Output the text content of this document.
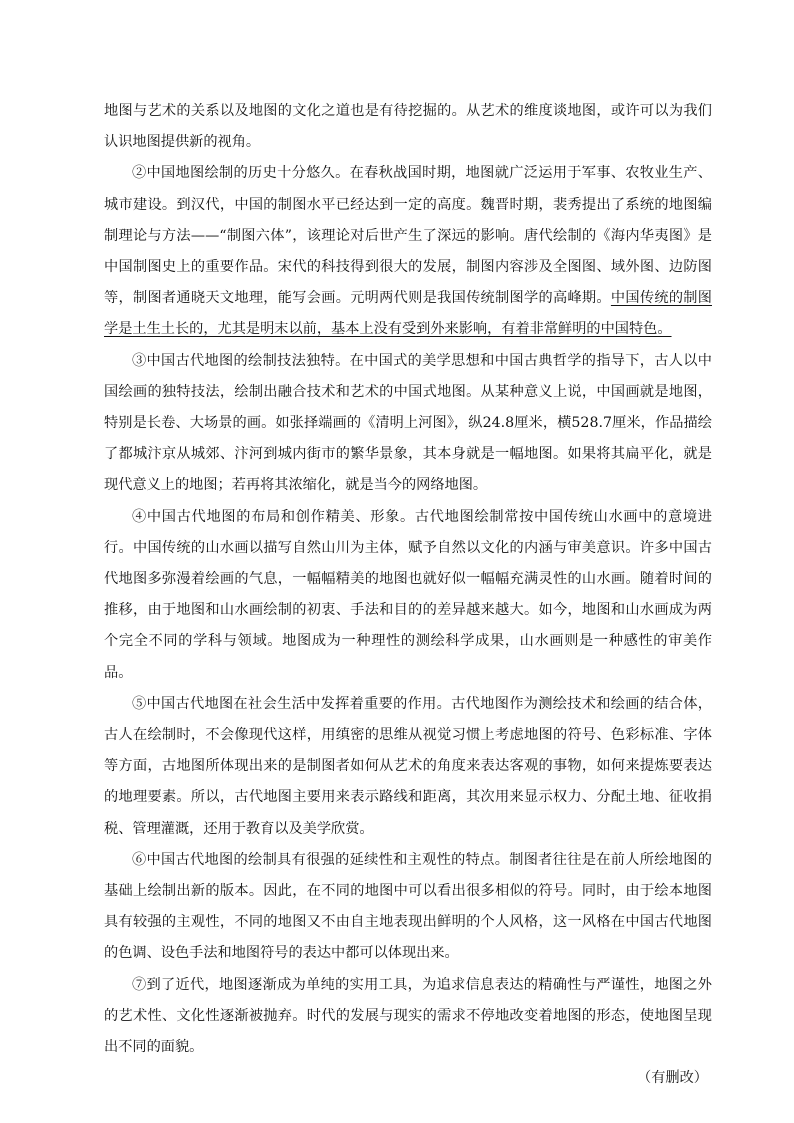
地图与艺术的关系以及地图的文化之道也是有待挖掘的。从艺术的维度谈地图，或许可以为我们认识地图提供新的视角。

②中国地图绘制的历史十分悠久。在春秋战国时期，地图就广泛运用于军事、农牧业生产、城市建设。到汉代，中国的制图水平已经达到一定的高度。魏晋时期，裴秀提出了系统的地图编制理论与方法——“制图六体”，该理论对后世产生了深远的影响。唐代绘制的《海内华夷图》是中国制图史上的重要作品。宋代的科技得到很大的发展，制图内容涉及全图图、域外图、边防图等，制图者通晓天文地理，能写会画。元明两代则是我国传统制图学的高峰期。中国传统的制图学是土生土长的，尤其是明末以前，基本上没有受到外来影响，有着非常鲜明的中国特色。

③中国古代地图的绘制技法独特。在中国式的美学思想和中国古典哲学的指导下，古人以中国绘画的独特技法，绘制出融合技术和艺术的中国式地图。从某种意义上说，中国画就是地图，特别是长卷、大场景的画。如张择端画的《清明上河图》，纵24.8厘米，横528.7厘米，作品描绘了都城汴京从城郊、汴河到城内街市的繁华景象，其本身就是一幅地图。如果将其扁平化，就是现代意义上的地图；若再将其浓缩化，就是当今的网络地图。

④中国古代地图的布局和创作精美、形象。古代地图绘制常按中国传统山水画中的意境进行。中国传统的山水画以描写自然山川为主体，赋予自然以文化的内涵与审美意识。许多中国古代地图多弥漫着绘画的气息，一幅幅精美的地图也就好似一幅幅充满灵性的山水画。随着时间的推移，由于地图和山水画绘制的初衷、手法和目的的差异越来越大。如今，地图和山水画成为两个完全不同的学科与领域。地图成为一种理性的测绘科学成果，山水画则是一种感性的审美作品。

⑤中国古代地图在社会生活中发挥着重要的作用。古代地图作为测绘技术和绘画的结合体，古人在绘制时，不会像现代这样，用缜密的思维从视觉习惯上考虑地图的符号、色彩标准、字体等方面，古地图所体现出来的是制图者如何从艺术的角度来表达客观的事物，如何来提炼要表达的地理要素。所以，古代地图主要用来表示路线和距离，其次用来显示权力、分配土地、征收捐税、管理灌溉，还用于教育以及美学欣赏。

⑥中国古代地图的绘制具有很强的延续性和主观性的特点。制图者往往是在前人所绘地图的基础上绘制出新的版本。因此，在不同的地图中可以看出很多相似的符号。同时，由于绘本地图具有较强的主观性，不同的地图又不由自主地表现出鲜明的个人风格，这一风格在中国古代地图的色调、设色手法和地图符号的表达中都可以体现出来。

⑦到了近代，地图逐渐成为单纯的实用工具，为追求信息表达的精确性与严谨性，地图之外的艺术性、文化性逐渐被抛弃。时代的发展与现实的需求不停地改变着地图的形态，使地图呈现出不同的面貌。

（有删改）
